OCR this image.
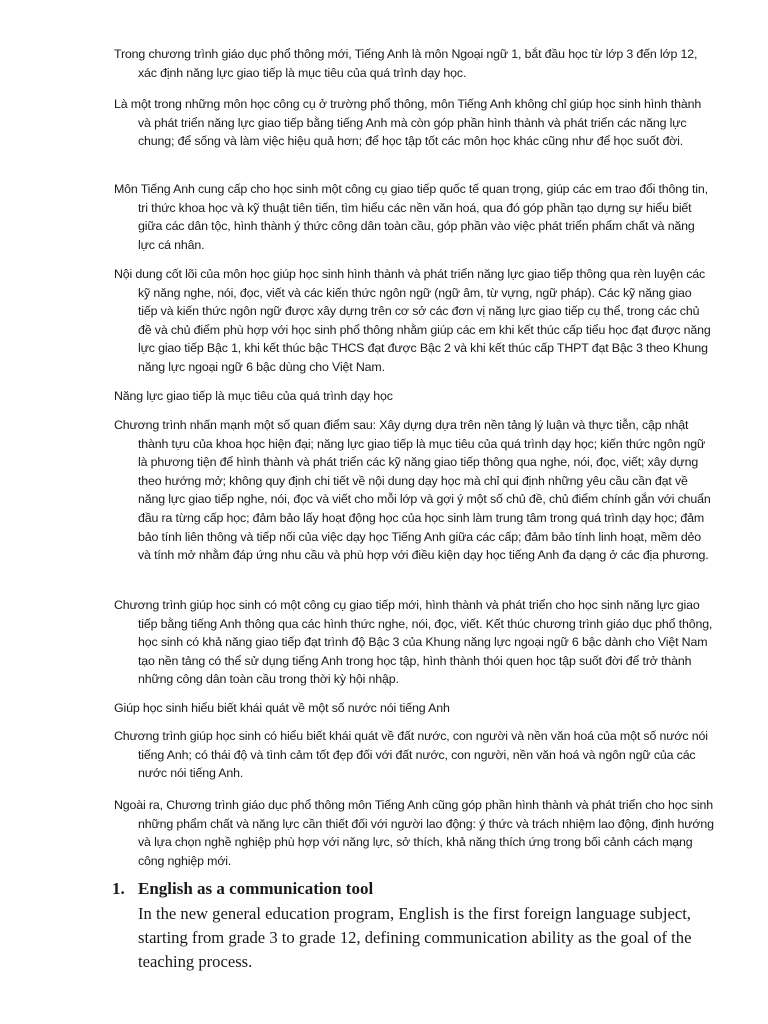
Trong chương trình giáo dục phổ thông mới, Tiếng Anh là môn Ngoại ngữ 1, bắt đầu học từ lớp 3 đến lớp 12, xác định năng lực giao tiếp là mục tiêu của quá trình dạy học.

Là một trong những môn học công cụ ở trường phổ thông, môn Tiếng Anh không chỉ giúp học sinh hình thành và phát triển năng lực giao tiếp bằng tiếng Anh mà còn góp phần hình thành và phát triển các năng lực chung; để sống và làm việc hiệu quả hơn; để học tập tốt các môn học khác cũng như để học suốt đời.

Môn Tiếng Anh cung cấp cho học sinh một công cụ giao tiếp quốc tế quan trọng, giúp các em trao đổi thông tin, tri thức khoa học và kỹ thuật tiên tiến, tìm hiểu các nền văn hoá, qua đó góp phần tạo dựng sự hiểu biết giữa các dân tộc, hình thành ý thức công dân toàn cầu, góp phần vào việc phát triển phẩm chất và năng lực cá nhân.

Nội dung cốt lõi của môn học giúp học sinh hình thành và phát triển năng lực giao tiếp thông qua rèn luyện các kỹ năng nghe, nói, đọc, viết và các kiến thức ngôn ngữ (ngữ âm, từ vựng, ngữ pháp). Các kỹ năng giao tiếp và kiến thức ngôn ngữ được xây dựng trên cơ sở các đơn vị năng lực giao tiếp cụ thể, trong các chủ đề và chủ điểm phù hợp với học sinh phổ thông nhằm giúp các em khi kết thúc cấp tiểu học đạt được năng lực giao tiếp Bậc 1, khi kết thúc bậc THCS đạt được Bậc 2 và khi kết thúc cấp THPT đạt Bậc 3 theo Khung năng lực ngoại ngữ 6 bậc dùng cho Việt Nam.

Năng lực giao tiếp là mục tiêu của quá trình dạy học

Chương trình nhấn mạnh một số quan điểm sau: Xây dựng dựa trên nền tảng lý luận và thực tiễn, cập nhật thành tựu của khoa học hiện đại; năng lực giao tiếp là mục tiêu của quá trình dạy học; kiến thức ngôn ngữ là phương tiện để hình thành và phát triển các kỹ năng giao tiếp thông qua nghe, nói, đọc, viết; xây dựng theo hướng mở; không quy định chi tiết về nội dung dạy học mà chỉ qui định những yêu cầu cần đạt về năng lực giao tiếp nghe, nói, đọc và viết cho mỗi lớp và gợi ý một số chủ đề, chủ điểm chính gắn với chuẩn đầu ra từng cấp học; đảm bảo lấy hoạt động học của học sinh làm trung tâm trong quá trình dạy học; đảm bảo tính liên thông và tiếp nối của việc dạy học Tiếng Anh giữa các cấp; đảm bảo tính linh hoạt, mềm dẻo và tính mở nhằm đáp ứng nhu cầu và phù hợp với điều kiện dạy học tiếng Anh đa dạng ở các địa phương.

Chương trình giúp học sinh có một công cụ giao tiếp mới, hình thành và phát triển cho học sinh năng lực giao tiếp bằng tiếng Anh thông qua các hình thức nghe, nói, đọc, viết. Kết thúc chương trình giáo dục phổ thông, học sinh có khả năng giao tiếp đạt trình độ Bậc 3 của Khung năng lực ngoại ngữ 6 bậc dành cho Việt Nam tạo nền tảng có thể sử dụng tiếng Anh trong học tập, hình thành thói quen học tập suốt đời để trở thành những công dân toàn cầu trong thời kỳ hội nhập.

Giúp học sinh hiểu biết khái quát về một số nước nói tiếng Anh

Chương trình giúp học sinh có hiểu biết khái quát về đất nước, con người và nền văn hoá của một số nước nói tiếng Anh; có thái độ và tình cảm tốt đẹp đối với đất nước, con người, nền văn hoá và ngôn ngữ của các nước nói tiếng Anh.

Ngoài ra, Chương trình giáo dục phổ thông môn Tiếng Anh cũng góp phần hình thành và phát triển cho học sinh những phẩm chất và năng lực cần thiết đối với người lao động: ý thức và trách nhiệm lao động, định hướng và lựa chọn nghề nghiệp phù hợp với năng lực, sở thích, khả năng thích ứng trong bối cảnh cách mạng công nghiệp mới.

1. English as a communication tool

In the new general education program, English is the first foreign language subject, starting from grade 3 to grade 12, defining communication ability as the goal of the teaching process.
